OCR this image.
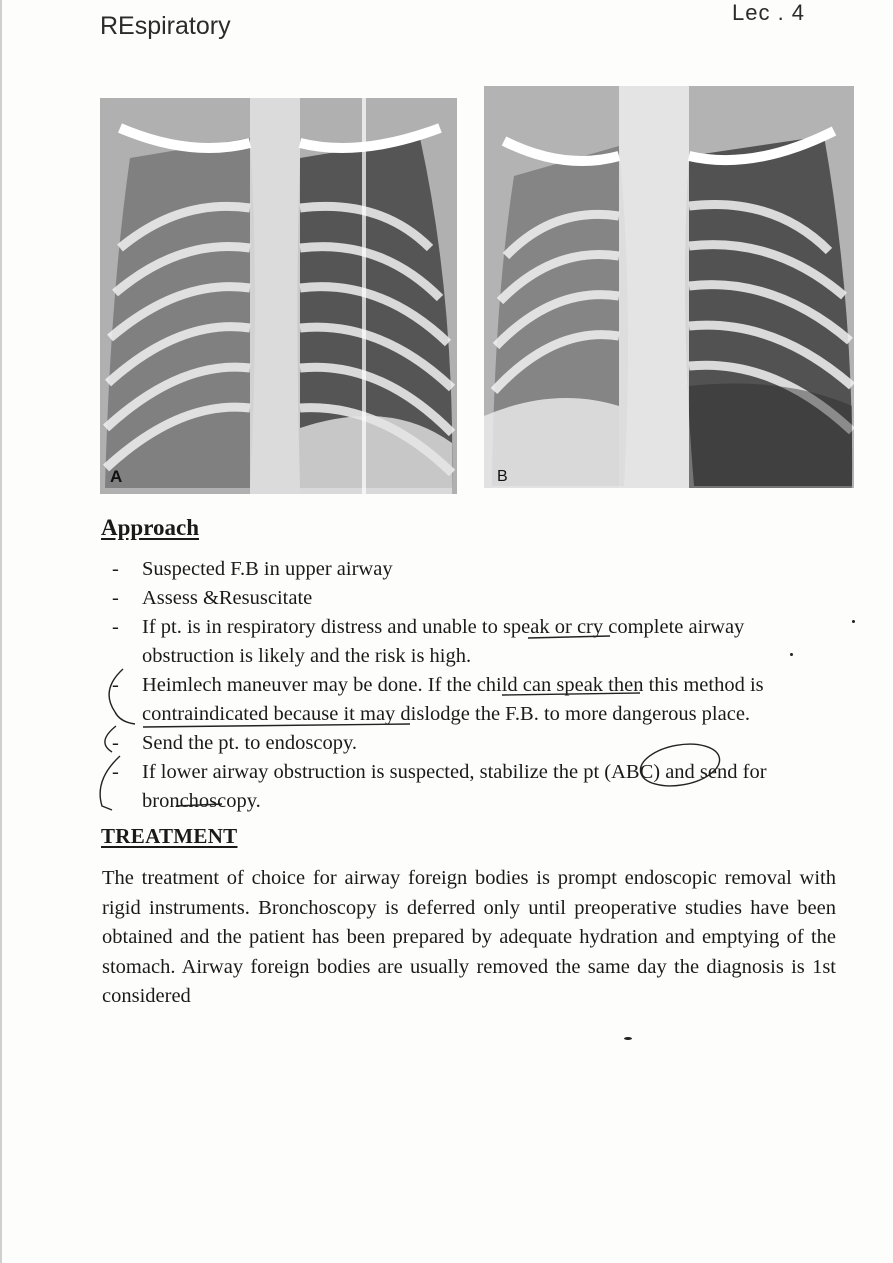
REspiratory	Lec . 4
A	B
Approach
- Suspected F.B in upper airway
- Assess &Resuscitate
- If pt. is in respiratory distress and unable to speak or cry complete airway obstruction is likely and the risk is high.
- Heimlech maneuver may be done. If the child can speak then this method is contraindicated because it may dislodge the F.B. to more dangerous place.
- Send the pt. to endoscopy.
- If lower airway obstruction is suspected, stabilize the pt (ABC) and send for bronchoscopy.
TREATMENT
The treatment of choice for airway foreign bodies is prompt endoscopic removal with rigid instruments. Bronchoscopy is deferred only until preoperative studies have been obtained and the patient has been prepared by adequate hydration and emptying of the stomach. Airway foreign bodies are usually removed the same day the diagnosis is 1st considered
